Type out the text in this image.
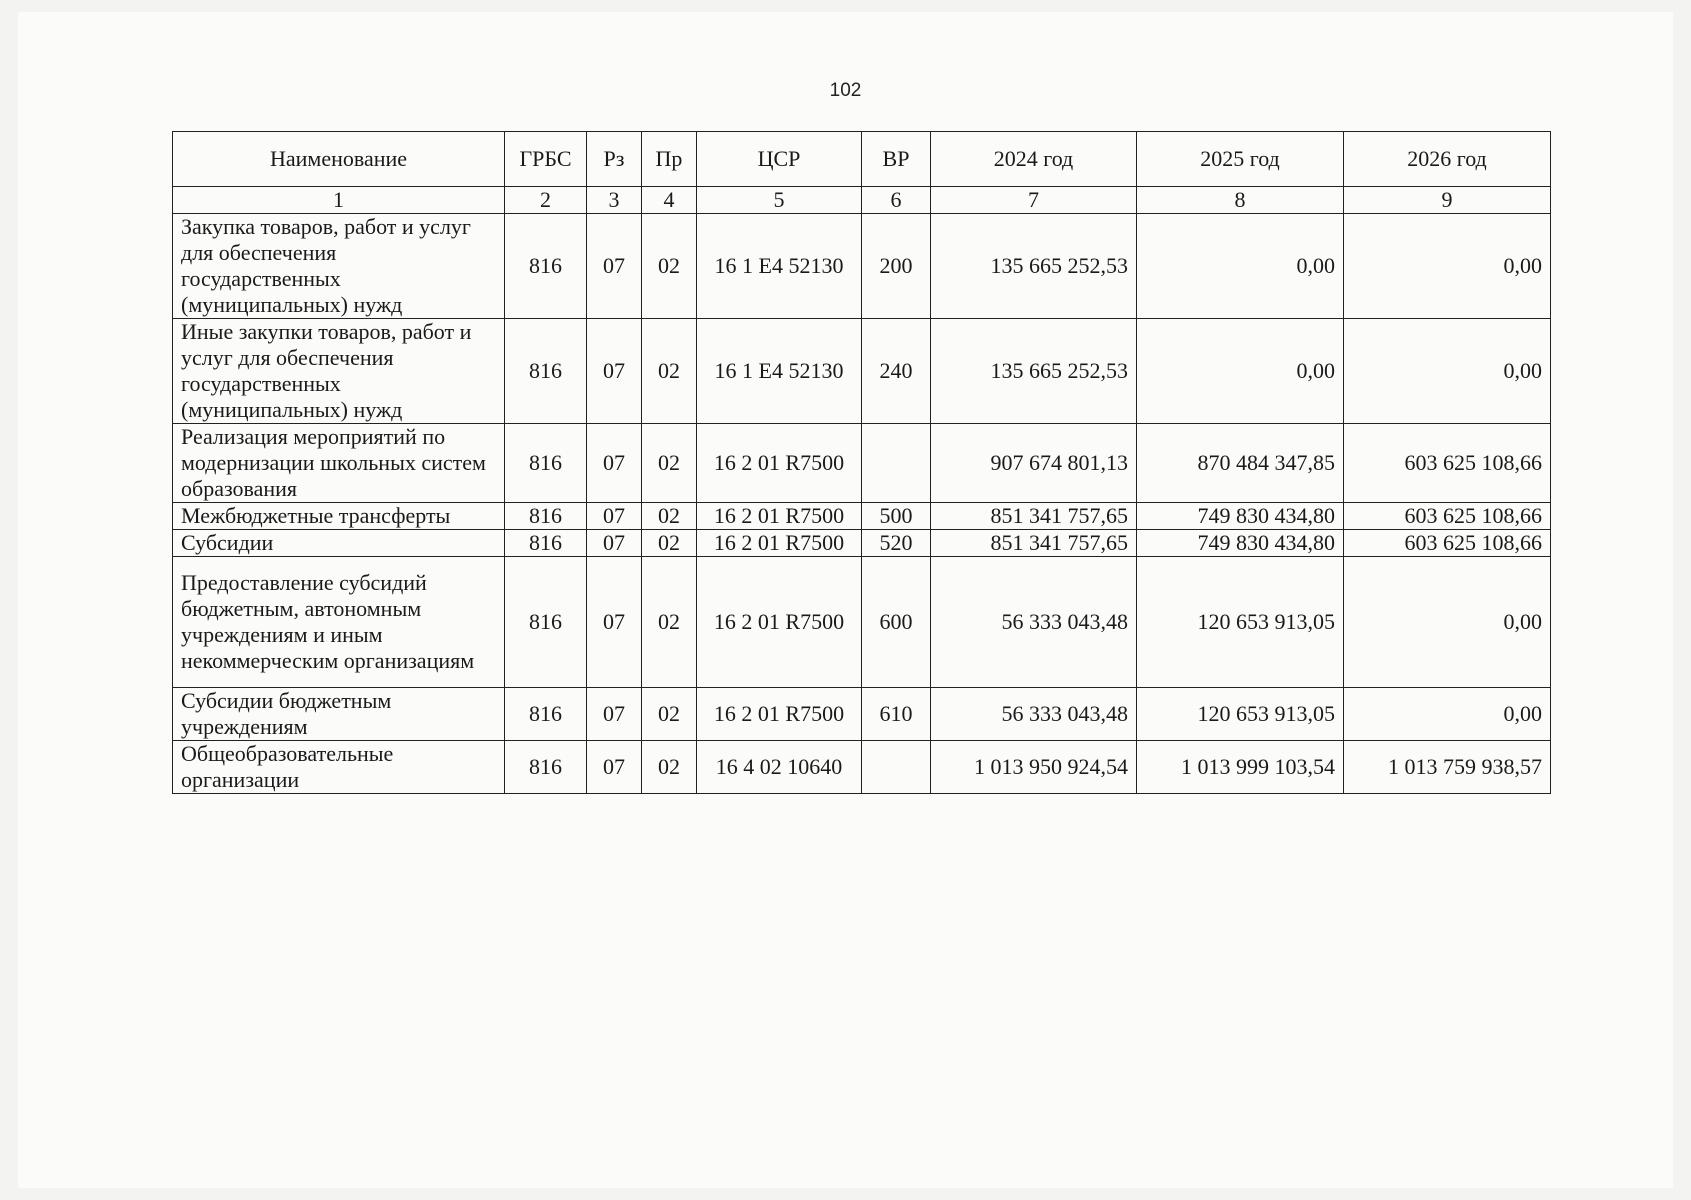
102
Наименование	ГРБС	Рз	Пр	ЦСР	ВР	2024 год	2025 год	2026 год
1	2	3	4	5	6	7	8	9
Закупка товаров, работ и услуг для обеспечения государственных (муниципальных) нужд	816	07	02	16 1 E4 52130	200	135 665 252,53	0,00	0,00
Иные закупки товаров, работ и услуг для обеспечения государственных (муниципальных) нужд	816	07	02	16 1 E4 52130	240	135 665 252,53	0,00	0,00
Реализация мероприятий по модернизации школьных систем образования	816	07	02	16 2 01 R7500		907 674 801,13	870 484 347,85	603 625 108,66
Межбюджетные трансферты	816	07	02	16 2 01 R7500	500	851 341 757,65	749 830 434,80	603 625 108,66
Субсидии	816	07	02	16 2 01 R7500	520	851 341 757,65	749 830 434,80	603 625 108,66
Предоставление субсидий бюджетным, автономным учреждениям и иным некоммерческим организациям	816	07	02	16 2 01 R7500	600	56 333 043,48	120 653 913,05	0,00
Субсидии бюджетным учреждениям	816	07	02	16 2 01 R7500	610	56 333 043,48	120 653 913,05	0,00
Общеобразовательные организации	816	07	02	16 4 02 10640		1 013 950 924,54	1 013 999 103,54	1 013 759 938,57
